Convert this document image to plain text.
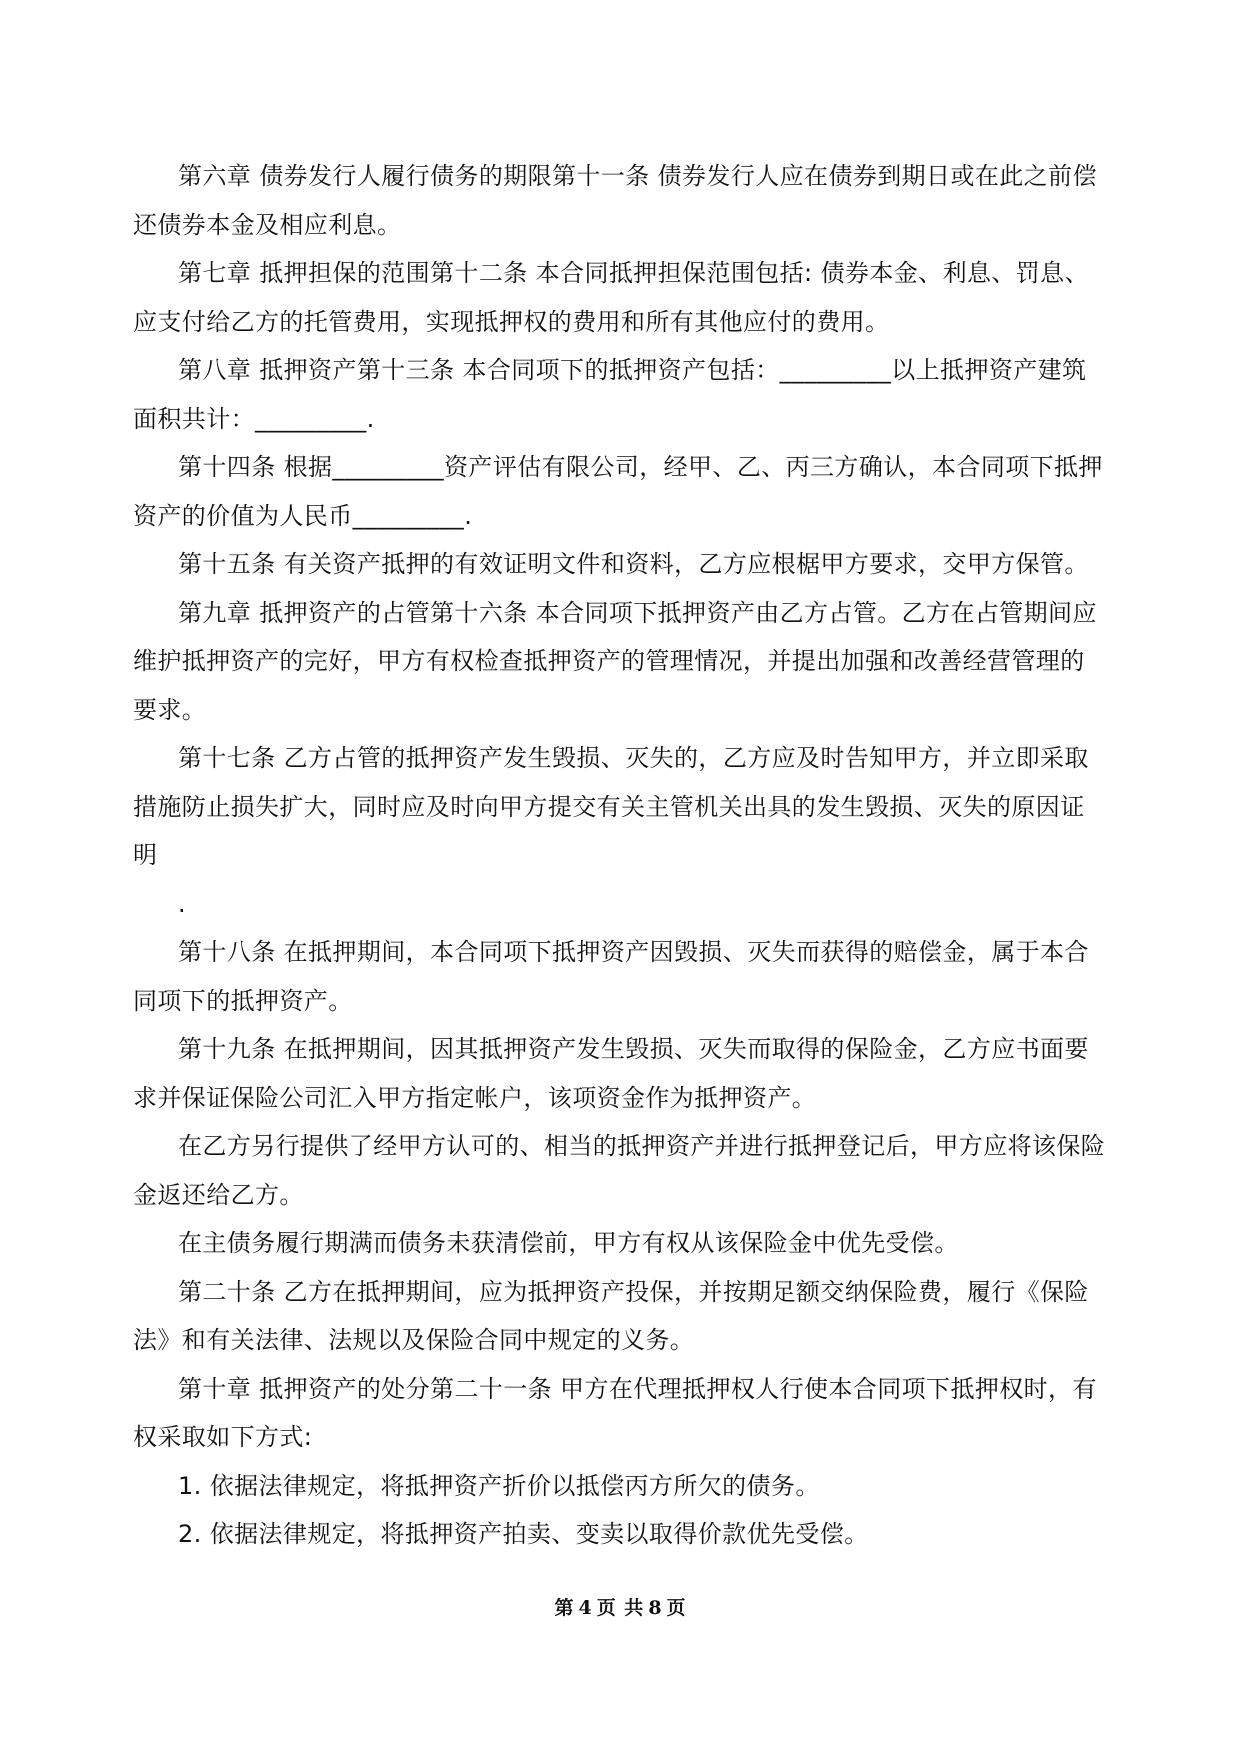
第六章 债券发行人履行债务的期限第十一条 债券发行人应在债券到期日或在此之前偿还债券本金及相应利息。

第七章 抵押担保的范围第十二条 本合同抵押担保范围包括: 债券本金、利息、罚息、应支付给乙方的托管费用，实现抵押权的费用和所有其他应付的费用。

第八章 抵押资产第十三条 本合同项下的抵押资产包括：_________以上抵押资产建筑面积共计：_________.

第十四条 根据_________资产评估有限公司，经甲、乙、丙三方确认，本合同项下抵押资产的价值为人民币_________.

第十五条 有关资产抵押的有效证明文件和资料，乙方应根椐甲方要求，交甲方保管。

第九章 抵押资产的占管第十六条 本合同项下抵押资产由乙方占管。乙方在占管期间应维护抵押资产的完好，甲方有权检查抵押资产的管理情况，并提出加强和改善经营管理的要求。

第十七条 乙方占管的抵押资产发生毁损、灭失的，乙方应及时告知甲方，并立即采取措施防止损失扩大，同时应及时向甲方提交有关主管机关出具的发生毁损、灭失的原因证明

.

第十八条 在抵押期间，本合同项下抵押资产因毁损、灭失而获得的赔偿金，属于本合同项下的抵押资产。

第十九条 在抵押期间，因其抵押资产发生毁损、灭失而取得的保险金，乙方应书面要求并保证保险公司汇入甲方指定帐户，该项资金作为抵押资产。

在乙方另行提供了经甲方认可的、相当的抵押资产并进行抵押登记后，甲方应将该保险金返还给乙方。

在主债务履行期满而债务未获清偿前，甲方有权从该保险金中优先受偿。

第二十条 乙方在抵押期间，应为抵押资产投保，并按期足额交纳保险费，履行《保险法》和有关法律、法规以及保险合同中规定的义务。

第十章 抵押资产的处分第二十一条 甲方在代理抵押权人行使本合同项下抵押权时，有权采取如下方式:

1. 依据法律规定，将抵押资产折价以抵偿丙方所欠的债务。

2. 依据法律规定，将抵押资产拍卖、变卖以取得价款优先受偿。

第 4 页 共 8 页
